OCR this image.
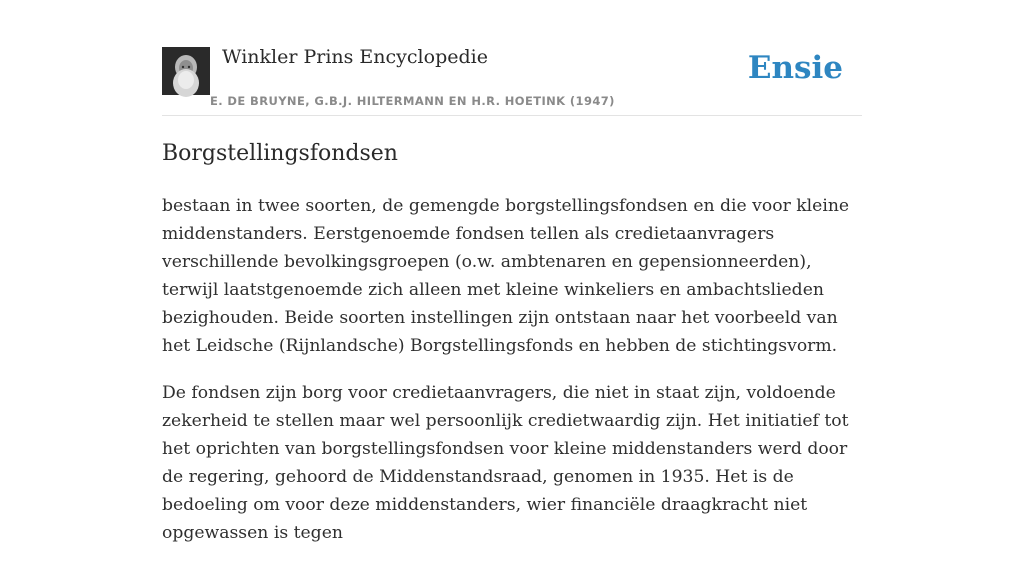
Winkler Prins Encyclopedie
E. DE BRUYNE, G.B.J. HILTERMANN EN H.R. HOETINK (1947)
Ensie
Borgstellingsfondsen

bestaan in twee soorten, de gemengde borgstellingsfondsen en die voor kleine middenstanders. Eerstgenoemde fondsen tellen als credietaanvragers verschillende bevolkingsgroepen (o.w. ambtenaren en gepensionneerden), terwijl laatstgenoemde zich alleen met kleine winkeliers en ambachtslieden bezighouden. Beide soorten instellingen zijn ontstaan naar het voorbeeld van het Leidsche (Rijnlandsche) Borgstellingsfonds en hebben de stichtingsvorm.

De fondsen zijn borg voor credietaanvragers, die niet in staat zijn, voldoende zekerheid te stellen maar wel persoonlijk credietwaardig zijn. Het initiatief tot het oprichten van borgstellingsfondsen voor kleine middenstanders werd door de regering, gehoord de Middenstandsraad, genomen in 1935. Het is de bedoeling om voor deze middenstanders, wier financiële draagkracht niet opgewassen is tegen
